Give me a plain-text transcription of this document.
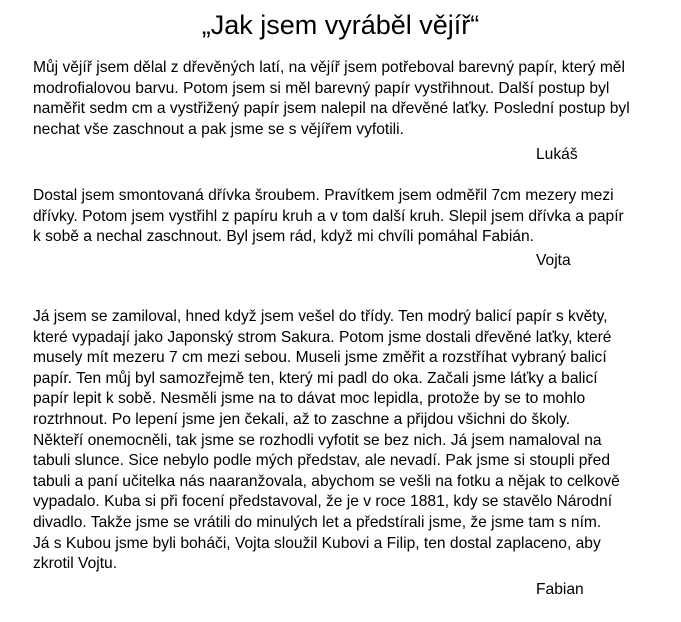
„Jak jsem vyráběl vějíř“
Můj vějíř jsem dělal z dřevěných latí, na vějíř jsem potřeboval barevný papír, který měl
modrofialovou barvu. Potom jsem si měl barevný papír vystřihnout. Další postup byl
naměřit sedm cm a vystřižený papír jsem nalepil na dřevěné laťky. Poslední postup byl
nechat vše zaschnout a pak jsme se s vějířem vyfotili.

Lukáš

Dostal jsem smontovaná dřívka šroubem. Pravítkem jsem odměřil 7cm mezery mezi
dřívky. Potom jsem vystřihl z papíru kruh a v tom další kruh. Slepil jsem dřívka a papír
k sobě a nechal zaschnout. Byl jsem rád, když mi chvíli pomáhal Fabián.

Vojta

Já jsem se zamiloval, hned když jsem vešel do třídy. Ten modrý balicí papír s květy,
které vypadají jako Japonský strom Sakura. Potom jsme dostali dřevěné laťky, které
musely mít mezeru 7 cm mezi sebou. Museli jsme změřit a rozstříhat vybraný balicí
papír. Ten můj byl samozřejmě ten, který mi padl do oka. Začali jsme láťky a balicí
papír lepit k sobě. Nesměli jsme na to dávat moc lepidla, protože by se to mohlo
roztrhnout. Po lepení jsme jen čekali, až to zaschne a přijdou všichni do školy.
Někteří onemocněli, tak jsme se rozhodli vyfotit se bez nich. Já jsem namaloval na
tabuli slunce. Sice nebylo podle mých představ, ale nevadí. Pak jsme si stoupli před
tabuli a paní učitelka nás naaranžovala, abychom se vešli na fotku a nějak to celkově
vypadalo. Kuba si při focení představoval, že je v roce 1881, kdy se stavělo Národní
divadlo. Takže jsme se vrátili do minulých let a předstírali jsme, že jsme tam s ním.
Já s Kubou jsme byli boháči, Vojta sloužil Kubovi a Filip, ten dostal zaplaceno, aby
zkrotil Vojtu.

Fabian
